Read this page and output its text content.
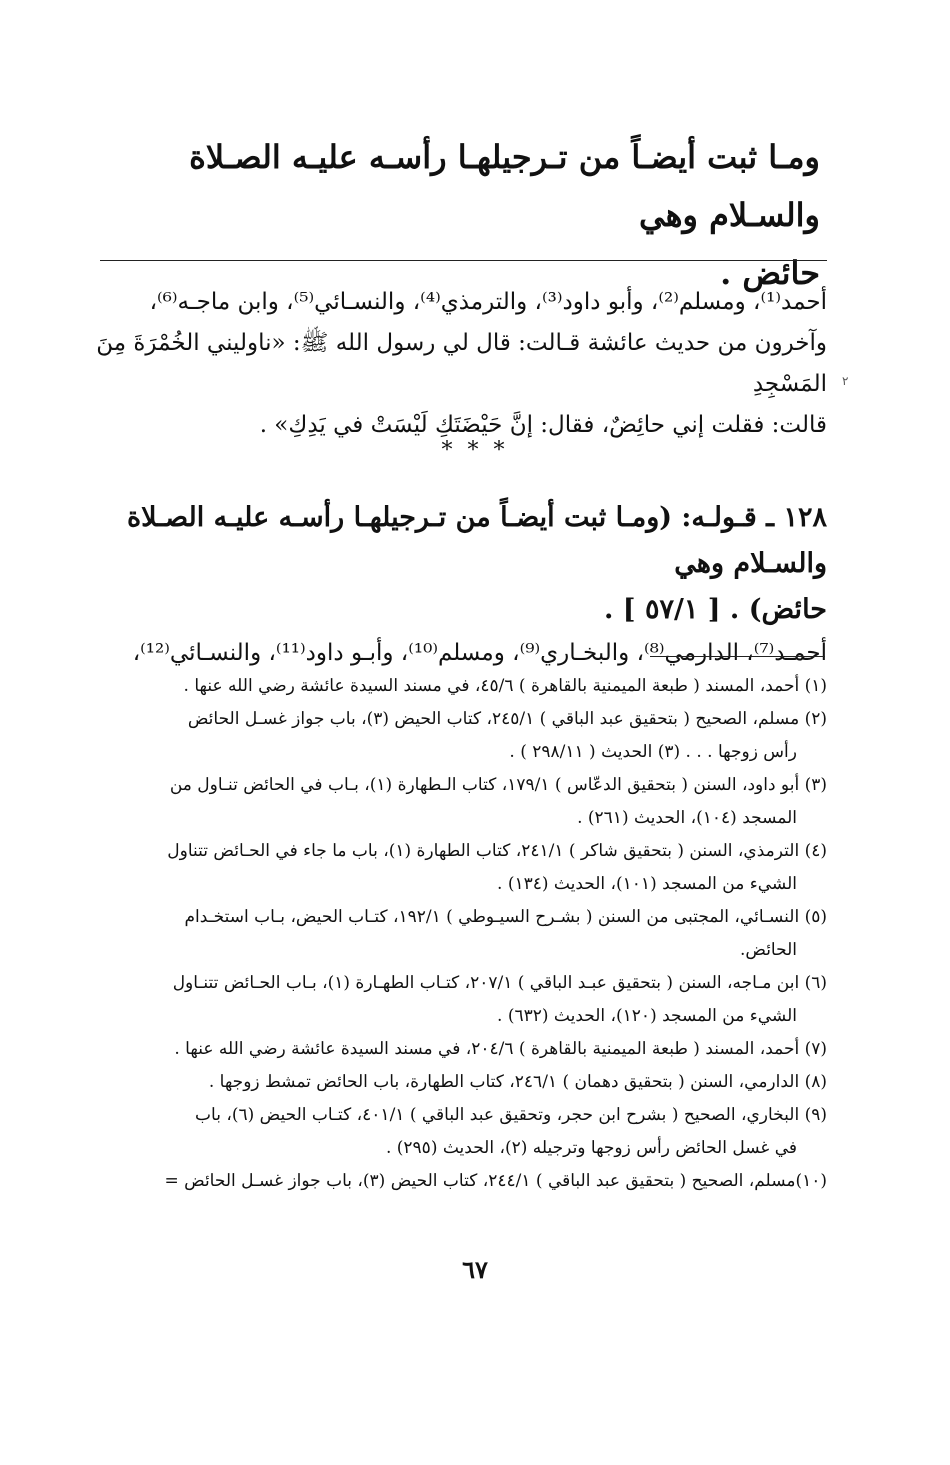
ومـا ثبت أيضـاً من تـرجيلهـا رأسـه عليـه الصـلاة والسـلام وهي
حائض .

أحمد⁽¹⁾، ومسلم⁽²⁾، وأبو داود⁽³⁾، والترمذي⁽⁴⁾، والنسـائي⁽⁵⁾، وابن ماجـه⁽⁶⁾،

وآخرون من حديث عائشة قـالت: قال لي رسول الله ﷺ: «ناوليني الخُمْرَةَ مِنَ المَسْجِدِ

قالت: فقلت إني حائِضٌ، فقال: إنَّ حَيْضَتَكِ لَيْسَتْ في يَدِكِ» .

٢
* * *

١٢٨ ـ قـولـه: (ومـا ثبت أيضـاً من تـرجيلهـا رأسـه عليـه الصـلاة والسـلام وهي

حائض) . [ ٥٧/١ ] .

أحمـد⁽⁷⁾، الدارمي⁽⁸⁾، والبخـاري⁽⁹⁾، ومسلم⁽¹⁰⁾، وأبـو داود⁽¹¹⁾، والنسـائي⁽¹²⁾،

(١) أحمد، المسند ( طبعة الميمنية بالقاهرة ) ٤٥/٦، في مسند السيدة عائشة رضي الله عنها .
(٢) مسلم، الصحيح ( بتحقيق عبد الباقي ) ٢٤٥/١، كتاب الحيض (٣)، باب جواز غسـل الحائض
رأس زوجها . . . (٣) الحديث ( ٢٩٨/١١ ) .
(٣) أبو داود، السنن ( بتحقيق الدعّاس ) ١٧٩/١، كتاب الـطهارة (١)، بـاب في الحائض تنـاول من
المسجد (١٠٤)، الحديث (٢٦١) .
(٤) الترمذي، السنن ( بتحقيق شاكر ) ٢٤١/١، كتاب الطهارة (١)، باب ما جاء في الحـائض تتناول
الشيء من المسجد (١٠١)، الحديث (١٣٤) .
(٥) النسـائي، المجتبى من السنن ( بشـرح السيـوطي ) ١٩٢/١، كتـاب الحيض، بـاب استخـدام
الحائض.
(٦) ابن مـاجه، السنن ( بتحقيق عبـد الباقي ) ٢٠٧/١، كتـاب الطهـارة (١)، بـاب الحـائض تتنـاول
الشيء من المسجد (١٢٠)، الحديث (٦٣٢) .
(٧) أحمد، المسند ( طبعة الميمنية بالقاهرة ) ٢٠٤/٦، في مسند السيدة عائشة رضي الله عنها .
(٨) الدارمي، السنن ( بتحقيق دهمان ) ٢٤٦/١، كتاب الطهارة، باب الحائض تمشط زوجها .
(٩) البخاري، الصحيح ( بشرح ابن حجر، وتحقيق عبد الباقي ) ٤٠١/١، كتـاب الحيض (٦)، باب
في غسل الحائض رأس زوجها وترجيله (٢)، الحديث (٢٩٥) .
(١٠)مسلم، الصحيح ( بتحقيق عبد الباقي ) ٢٤٤/١، كتاب الحيض (٣)، باب جواز غسـل الحائض =
٦٧
